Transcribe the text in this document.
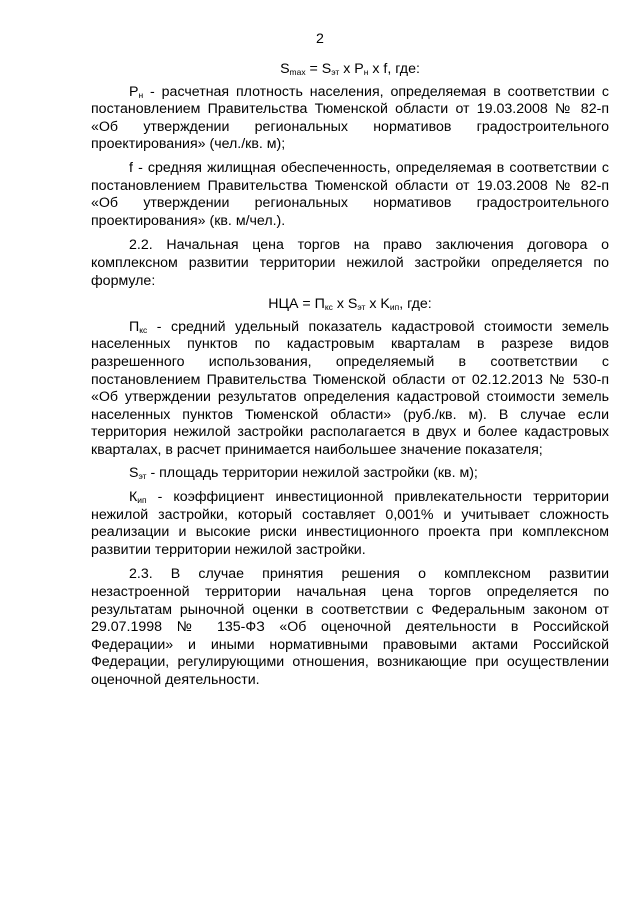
2
$S_{max} = S_{эт}$ x $P_н$ x f, где:

$Р_н$ - расчетная плотность населения, определяемая в соответствии с постановлением Правительства Тюменской области от 19.03.2008 № 82-п «Об утверждении региональных нормативов градостроительного проектирования» (чел./кв. м);

f - средняя жилищная обеспеченность, определяемая в соответствии с постановлением Правительства Тюменской области от 19.03.2008 № 82-п «Об утверждении региональных нормативов градостроительного проектирования» (кв. м/чел.).

2.2. Начальная цена торгов на право заключения договора о комплексном развитии территории нежилой застройки определяется по формуле:

НЦА = $П_{кс}$ x $S_{эт}$ x $K_{ип}$, где:

$П_{кс}$ - средний удельный показатель кадастровой стоимости земель населенных пунктов по кадастровым кварталам в разрезе видов разрешенного использования, определяемый в соответствии с постановлением Правительства Тюменской области от 02.12.2013 № 530-п «Об утверждении результатов определения кадастровой стоимости земель населенных пунктов Тюменской области» (руб./кв. м). В случае если территория нежилой застройки располагается в двух и более кадастровых кварталах, в расчет принимается наибольшее значение показателя;

$S_{эт}$ - площадь территории нежилой застройки (кв. м);

$К_{ип}$ - коэффициент инвестиционной привлекательности территории нежилой застройки, который составляет 0,001% и учитывает сложность реализации и высокие риски инвестиционного проекта при комплексном развитии территории нежилой застройки.

2.3. В случае принятия решения о комплексном развитии незастроенной территории начальная цена торгов определяется по результатам рыночной оценки в соответствии с Федеральным законом от 29.07.1998 № 135-ФЗ «Об оценочной деятельности в Российской Федерации» и иными нормативными правовыми актами Российской Федерации, регулирующими отношения, возникающие при осуществлении оценочной деятельности.
